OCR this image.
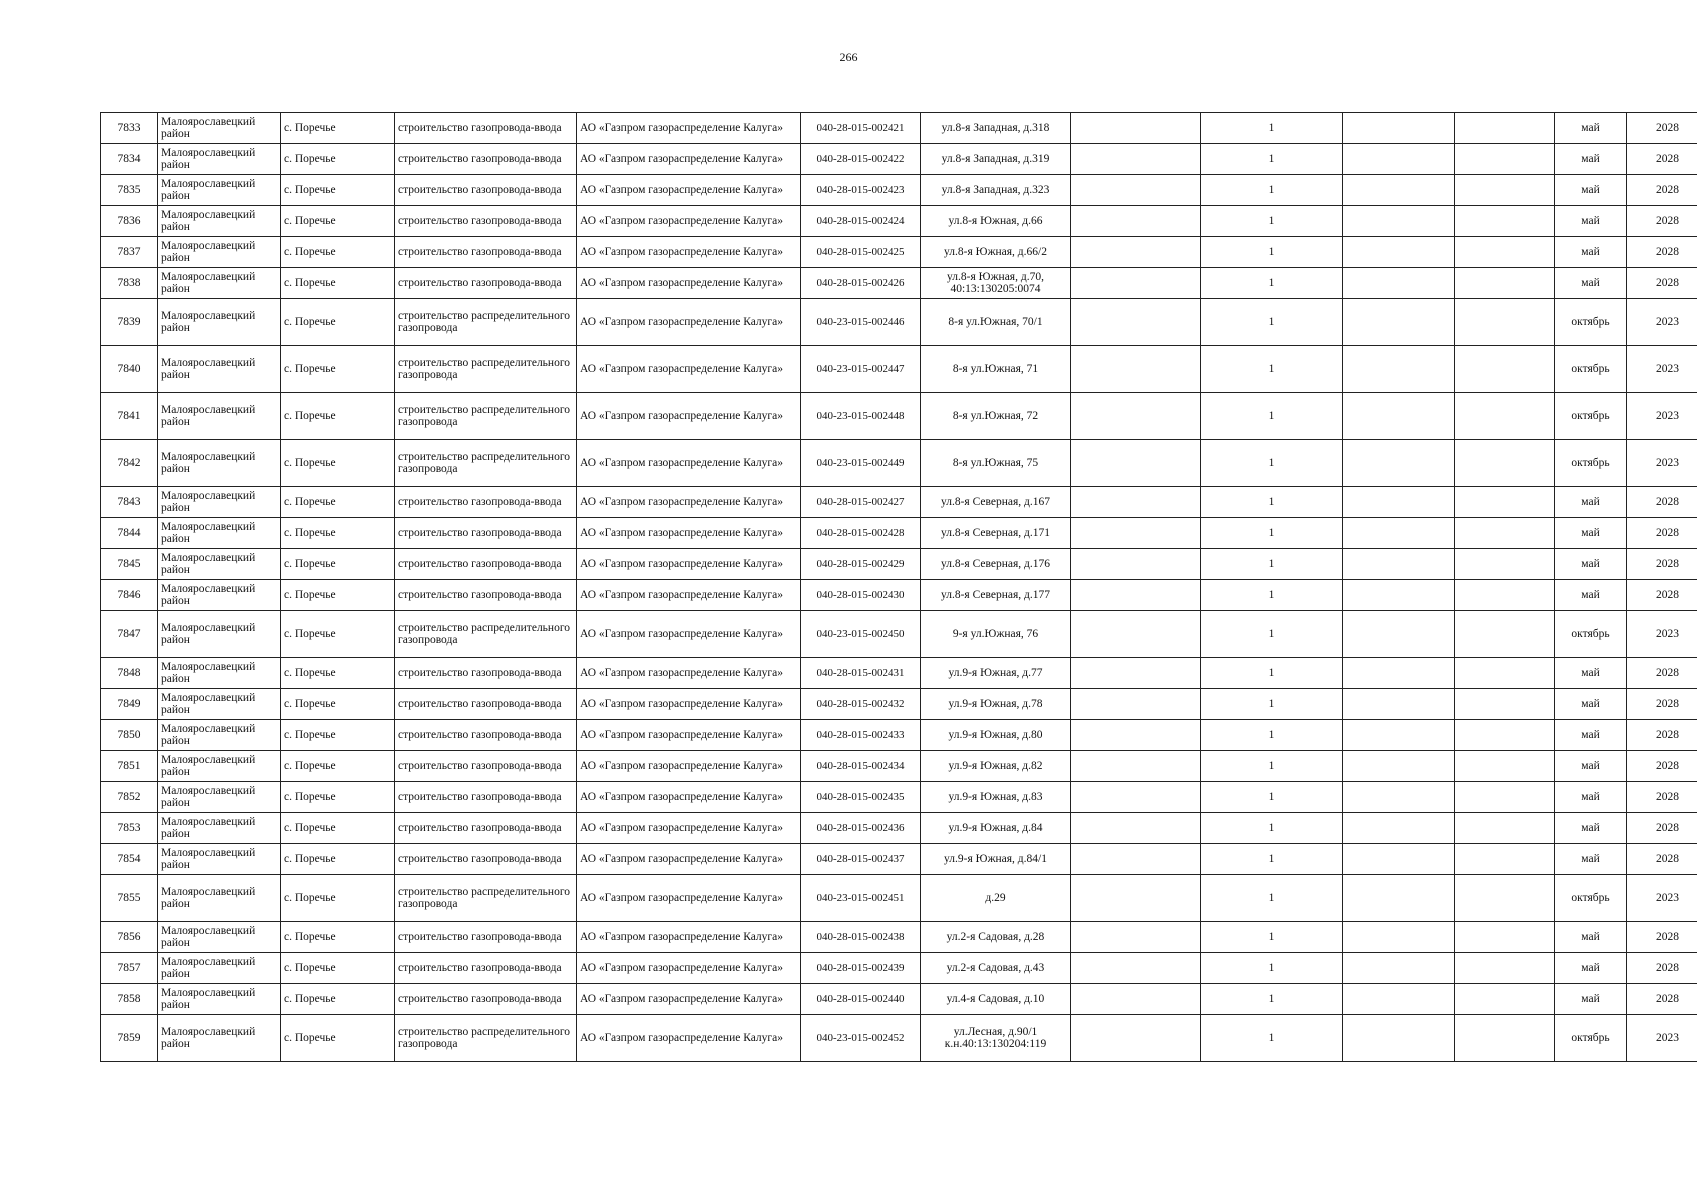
266
7833	Малоярославецкий район	с. Поречье	строительство газопровода-ввода	АО «Газпром газораспределение Калуга»	040-28-015-002421	ул.8-я Западная, д.318		1			май	2028
7834	Малоярославецкий район	с. Поречье	строительство газопровода-ввода	АО «Газпром газораспределение Калуга»	040-28-015-002422	ул.8-я Западная, д.319		1			май	2028
7835	Малоярославецкий район	с. Поречье	строительство газопровода-ввода	АО «Газпром газораспределение Калуга»	040-28-015-002423	ул.8-я Западная, д.323		1			май	2028
7836	Малоярославецкий район	с. Поречье	строительство газопровода-ввода	АО «Газпром газораспределение Калуга»	040-28-015-002424	ул.8-я Южная, д.66		1			май	2028
7837	Малоярославецкий район	с. Поречье	строительство газопровода-ввода	АО «Газпром газораспределение Калуга»	040-28-015-002425	ул.8-я Южная, д.66/2		1			май	2028
7838	Малоярославецкий район	с. Поречье	строительство газопровода-ввода	АО «Газпром газораспределение Калуга»	040-28-015-002426	ул.8-я Южная, д.70, 40:13:130205:0074		1			май	2028
7839	Малоярославецкий район	с. Поречье	строительство распределительного газопровода	АО «Газпром газораспределение Калуга»	040-23-015-002446	8-я ул.Южная, 70/1		1			октябрь	2023
7840	Малоярославецкий район	с. Поречье	строительство распределительного газопровода	АО «Газпром газораспределение Калуга»	040-23-015-002447	8-я ул.Южная, 71		1			октябрь	2023
7841	Малоярославецкий район	с. Поречье	строительство распределительного газопровода	АО «Газпром газораспределение Калуга»	040-23-015-002448	8-я ул.Южная, 72		1			октябрь	2023
7842	Малоярославецкий район	с. Поречье	строительство распределительного газопровода	АО «Газпром газораспределение Калуга»	040-23-015-002449	8-я ул.Южная, 75		1			октябрь	2023
7843	Малоярославецкий район	с. Поречье	строительство газопровода-ввода	АО «Газпром газораспределение Калуга»	040-28-015-002427	ул.8-я Северная, д.167		1			май	2028
7844	Малоярославецкий район	с. Поречье	строительство газопровода-ввода	АО «Газпром газораспределение Калуга»	040-28-015-002428	ул.8-я Северная, д.171		1			май	2028
7845	Малоярославецкий район	с. Поречье	строительство газопровода-ввода	АО «Газпром газораспределение Калуга»	040-28-015-002429	ул.8-я Северная, д.176		1			май	2028
7846	Малоярославецкий район	с. Поречье	строительство газопровода-ввода	АО «Газпром газораспределение Калуга»	040-28-015-002430	ул.8-я Северная, д.177		1			май	2028
7847	Малоярославецкий район	с. Поречье	строительство распределительного газопровода	АО «Газпром газораспределение Калуга»	040-23-015-002450	9-я ул.Южная, 76		1			октябрь	2023
7848	Малоярославецкий район	с. Поречье	строительство газопровода-ввода	АО «Газпром газораспределение Калуга»	040-28-015-002431	ул.9-я Южная, д.77		1			май	2028
7849	Малоярославецкий район	с. Поречье	строительство газопровода-ввода	АО «Газпром газораспределение Калуга»	040-28-015-002432	ул.9-я Южная, д.78		1			май	2028
7850	Малоярославецкий район	с. Поречье	строительство газопровода-ввода	АО «Газпром газораспределение Калуга»	040-28-015-002433	ул.9-я Южная, д.80		1			май	2028
7851	Малоярославецкий район	с. Поречье	строительство газопровода-ввода	АО «Газпром газораспределение Калуга»	040-28-015-002434	ул.9-я Южная, д.82		1			май	2028
7852	Малоярославецкий район	с. Поречье	строительство газопровода-ввода	АО «Газпром газораспределение Калуга»	040-28-015-002435	ул.9-я Южная, д.83		1			май	2028
7853	Малоярославецкий район	с. Поречье	строительство газопровода-ввода	АО «Газпром газораспределение Калуга»	040-28-015-002436	ул.9-я Южная, д.84		1			май	2028
7854	Малоярославецкий район	с. Поречье	строительство газопровода-ввода	АО «Газпром газораспределение Калуга»	040-28-015-002437	ул.9-я Южная, д.84/1		1			май	2028
7855	Малоярославецкий район	с. Поречье	строительство распределительного газопровода	АО «Газпром газораспределение Калуга»	040-23-015-002451	д.29		1			октябрь	2023
7856	Малоярославецкий район	с. Поречье	строительство газопровода-ввода	АО «Газпром газораспределение Калуга»	040-28-015-002438	ул.2-я Садовая, д.28		1			май	2028
7857	Малоярославецкий район	с. Поречье	строительство газопровода-ввода	АО «Газпром газораспределение Калуга»	040-28-015-002439	ул.2-я Садовая, д.43		1			май	2028
7858	Малоярославецкий район	с. Поречье	строительство газопровода-ввода	АО «Газпром газораспределение Калуга»	040-28-015-002440	ул.4-я Садовая, д.10		1			май	2028
7859	Малоярославецкий район	с. Поречье	строительство распределительного газопровода	АО «Газпром газораспределение Калуга»	040-23-015-002452	ул.Лесная, д.90/1 к.н.40:13:130204:119		1			октябрь	2023
